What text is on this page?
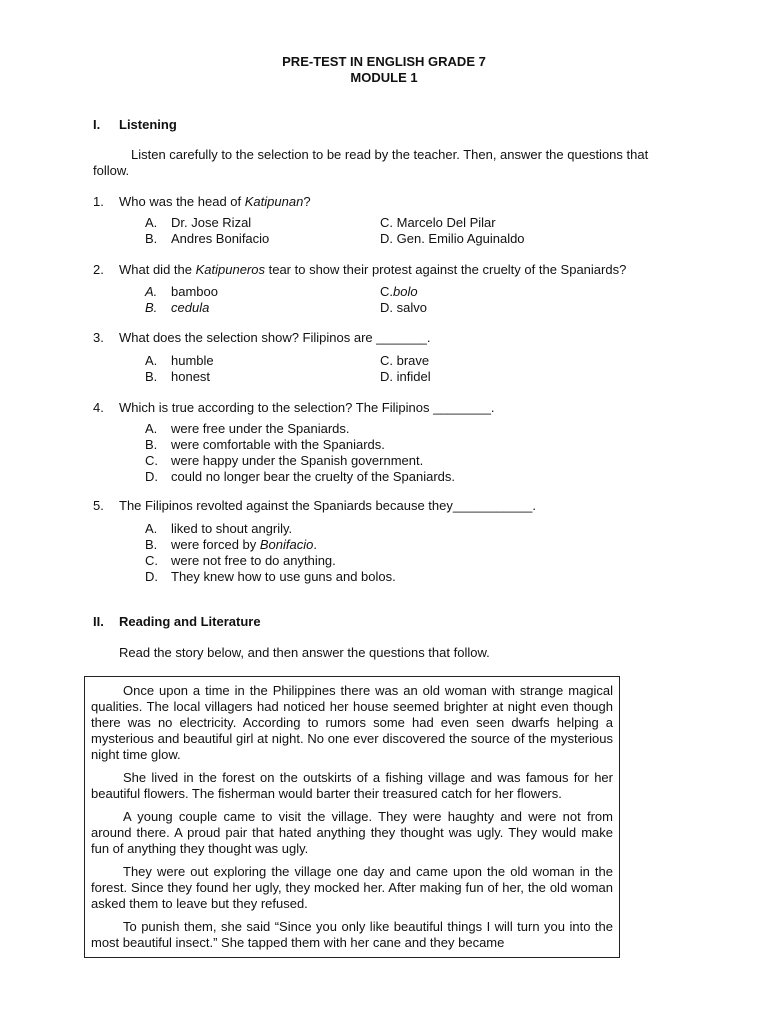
PRE-TEST IN ENGLISH GRADE 7
MODULE 1
I. Listening
Listen carefully to the selection to be read by the teacher. Then, answer the questions that follow.
1. Who was the head of Katipunan?
A. Dr. Jose Rizal	C. Marcelo Del Pilar
B. Andres Bonifacio	D. Gen. Emilio Aguinaldo
2. What did the Katipuneros tear to show their protest against the cruelty of the Spaniards?
A. bamboo	C.bolo
B. cedula	D. salvo
3. What does the selection show? Filipinos are _______.
A. humble	C. brave
B. honest	D. infidel
4. Which is true according to the selection? The Filipinos ________.
A. were free under the Spaniards.
B. were comfortable with the Spaniards.
C. were happy under the Spanish government.
D. could no longer bear the cruelty of the Spaniards.
5. The Filipinos revolted against the Spaniards because they___________.
A. liked to shout angrily.
B. were forced by Bonifacio.
C. were not free to do anything.
D. They knew how to use guns and bolos.
II. Reading and Literature
Read the story below, and then answer the questions that follow.

Once upon a time in the Philippines there was an old woman with strange magical qualities. The local villagers had noticed her house seemed brighter at night even though there was no electricity. According to rumors some had even seen dwarfs helping a mysterious and beautiful girl at night. No one ever discovered the source of the mysterious night time glow.

She lived in the forest on the outskirts of a fishing village and was famous for her beautiful flowers. The fisherman would barter their treasured catch for her flowers.

A young couple came to visit the village. They were haughty and were not from around there. A proud pair that hated anything they thought was ugly. They would make fun of anything they thought was ugly.

They were out exploring the village one day and came upon the old woman in the forest. Since they found her ugly, they mocked her. After making fun of her, the old woman asked them to leave but they refused.

To punish them, she said “Since you only like beautiful things I will turn you into the most beautiful insect.” She tapped them with her cane and they became
